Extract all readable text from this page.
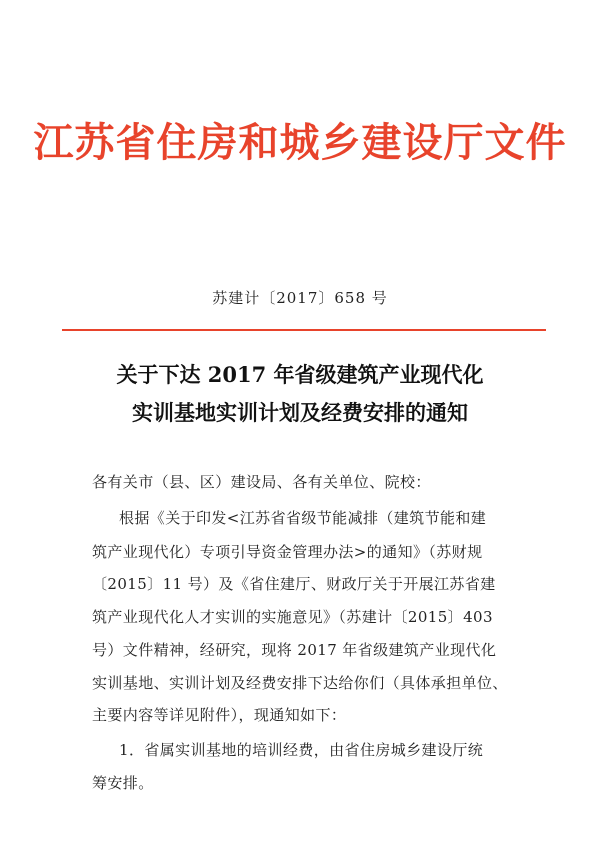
江苏省住房和城乡建设厅文件
苏建计〔2017〕658 号
关于下达 2017 年省级建筑产业现代化
实训基地实训计划及经费安排的通知
各有关市（县、区）建设局、各有关单位、院校：
根据《关于印发<江苏省省级节能减排（建筑节能和建
筑产业现代化）专项引导资金管理办法>的通知》（苏财规
〔2015〕11 号）及《省住建厅、财政厅关于开展江苏省建
筑产业现代化人才实训的实施意见》（苏建计〔2015〕403
号）文件精神，经研究，现将 2017 年省级建筑产业现代化
实训基地、实训计划及经费安排下达给你们（具体承担单位、
主要内容等详见附件），现通知如下：
1．省属实训基地的培训经费，由省住房城乡建设厅统
筹安排。
